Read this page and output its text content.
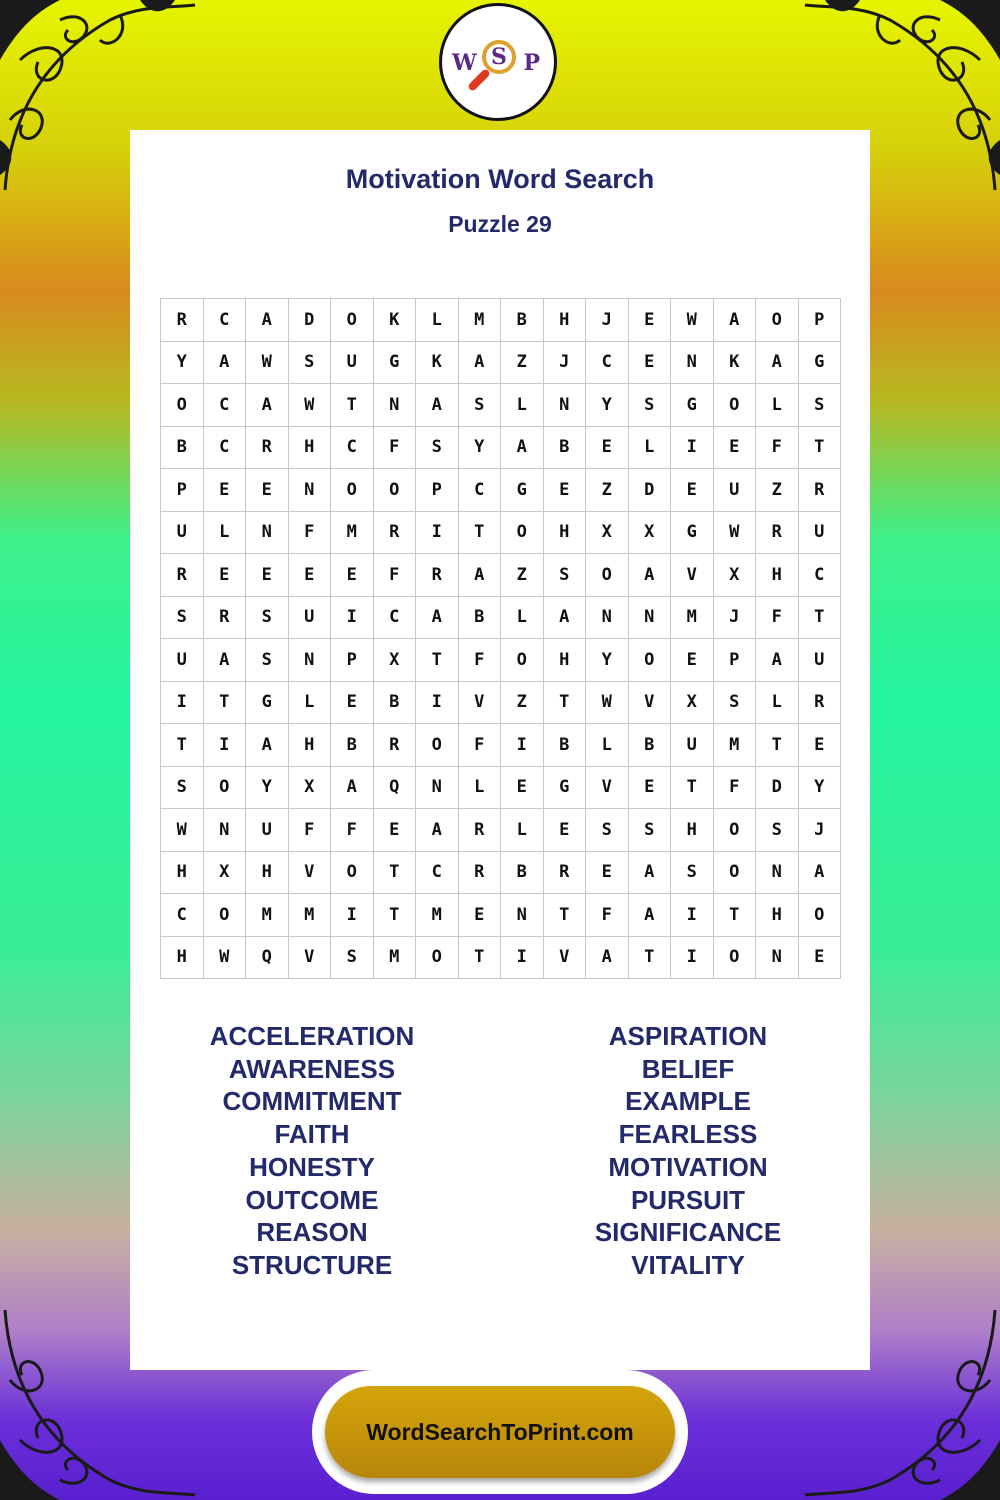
W S P
Motivation Word Search
Puzzle 29
R	C	A	D	O	K	L	M	B	H	J	E	W	A	O	P
Y	A	W	S	U	G	K	A	Z	J	C	E	N	K	A	G
O	C	A	W	T	N	A	S	L	N	Y	S	G	O	L	S
B	C	R	H	C	F	S	Y	A	B	E	L	I	E	F	T
P	E	E	N	O	O	P	C	G	E	Z	D	E	U	Z	R
U	L	N	F	M	R	I	T	O	H	X	X	G	W	R	U
R	E	E	E	E	F	R	A	Z	S	O	A	V	X	H	C
S	R	S	U	I	C	A	B	L	A	N	N	M	J	F	T
U	A	S	N	P	X	T	F	O	H	Y	O	E	P	A	U
I	T	G	L	E	B	I	V	Z	T	W	V	X	S	L	R
T	I	A	H	B	R	O	F	I	B	L	B	U	M	T	E
S	O	Y	X	A	Q	N	L	E	G	V	E	T	F	D	Y
W	N	U	F	F	E	A	R	L	E	S	S	H	O	S	J
H	X	H	V	O	T	C	R	B	R	E	A	S	O	N	A
C	O	M	M	I	T	M	E	N	T	F	A	I	T	H	O
H	W	Q	V	S	M	O	T	I	V	A	T	I	O	N	E
ACCELERATION
AWARENESS
COMMITMENT
FAITH
HONESTY
OUTCOME
REASON
STRUCTURE
ASPIRATION
BELIEF
EXAMPLE
FEARLESS
MOTIVATION
PURSUIT
SIGNIFICANCE
VITALITY
WordSearchToPrint.com
